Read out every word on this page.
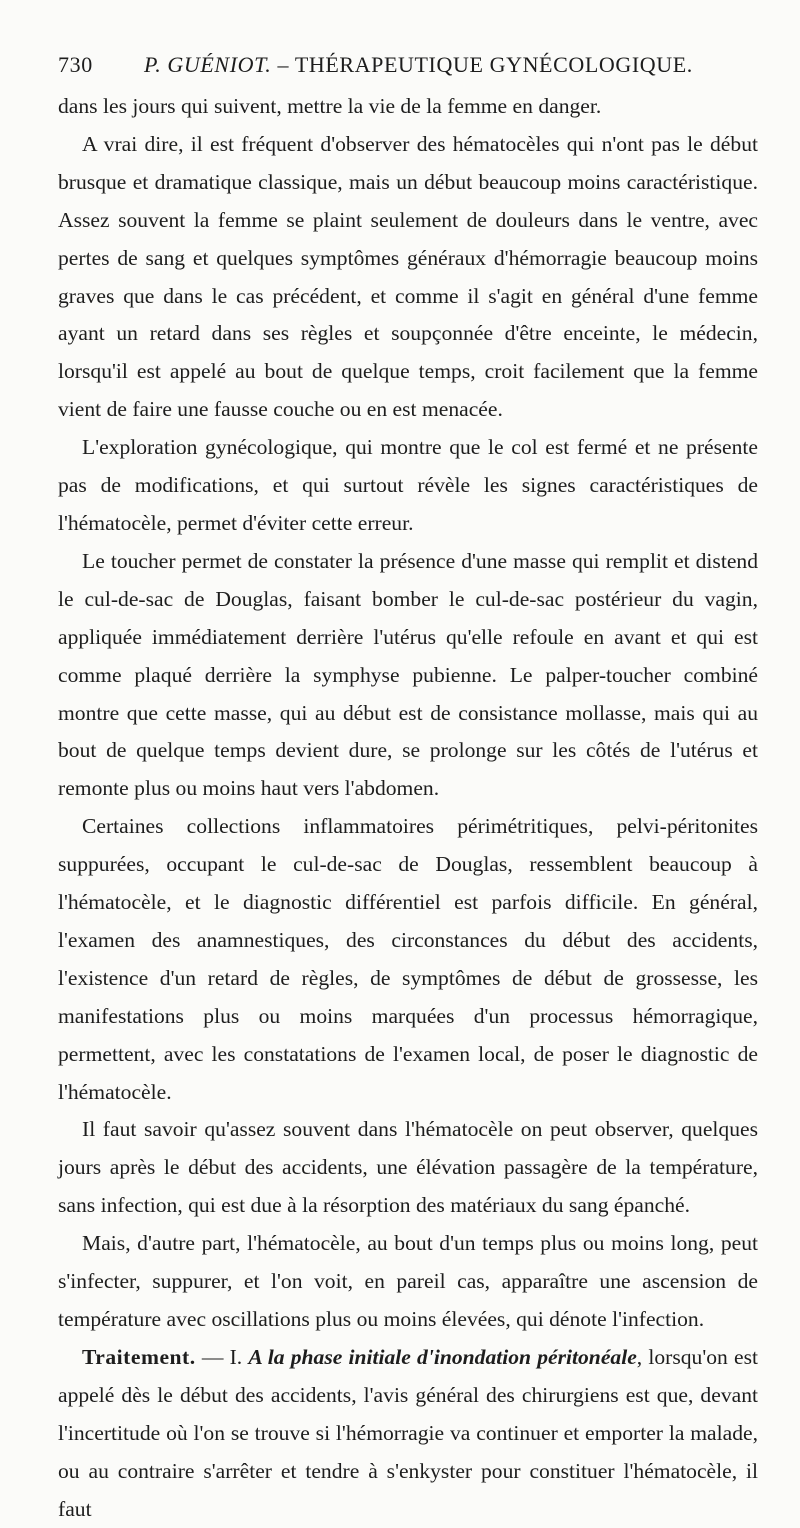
730 P. GUÉNIOT. – THÉRAPEUTIQUE GYNÉCOLOGIQUE.

dans les jours qui suivent, mettre la vie de la femme en danger.

A vrai dire, il est fréquent d'observer des hématocèles qui n'ont pas le début brusque et dramatique classique, mais un début beaucoup moins caractéristique. Assez souvent la femme se plaint seulement de douleurs dans le ventre, avec pertes de sang et quelques symptômes généraux d'hémorragie beaucoup moins graves que dans le cas précédent, et comme il s'agit en général d'une femme ayant un retard dans ses règles et soupçonnée d'être enceinte, le médecin, lorsqu'il est appelé au bout de quelque temps, croit facilement que la femme vient de faire une fausse couche ou en est menacée.

L'exploration gynécologique, qui montre que le col est fermé et ne présente pas de modifications, et qui surtout révèle les signes caractéristiques de l'hématocèle, permet d'éviter cette erreur.

Le toucher permet de constater la présence d'une masse qui remplit et distend le cul-de-sac de Douglas, faisant bomber le cul-de-sac postérieur du vagin, appliquée immédiatement derrière l'utérus qu'elle refoule en avant et qui est comme plaqué derrière la symphyse pubienne. Le palper-toucher combiné montre que cette masse, qui au début est de consistance mollasse, mais qui au bout de quelque temps devient dure, se prolonge sur les côtés de l'utérus et remonte plus ou moins haut vers l'abdomen.

Certaines collections inflammatoires périmétritiques, pelvi-péritonites suppurées, occupant le cul-de-sac de Douglas, ressemblent beaucoup à l'hématocèle, et le diagnostic différentiel est parfois difficile. En général, l'examen des anamnestiques, des circonstances du début des accidents, l'existence d'un retard de règles, de symptômes de début de grossesse, les manifestations plus ou moins marquées d'un processus hémorragique, permettent, avec les constatations de l'examen local, de poser le diagnostic de l'hématocèle.

Il faut savoir qu'assez souvent dans l'hématocèle on peut observer, quelques jours après le début des accidents, une élévation passagère de la température, sans infection, qui est due à la résorption des matériaux du sang épanché.

Mais, d'autre part, l'hématocèle, au bout d'un temps plus ou moins long, peut s'infecter, suppurer, et l'on voit, en pareil cas, apparaître une ascension de température avec oscillations plus ou moins élevées, qui dénote l'infection.

Traitement. — I. A la phase initiale d'inondation péritonéale, lorsqu'on est appelé dès le début des accidents, l'avis général des chirurgiens est que, devant l'incertitude où l'on se trouve si l'hémorragie va continuer et emporter la malade, ou au contraire s'arrêter et tendre à s'enkyster pour constituer l'hématocèle, il faut
